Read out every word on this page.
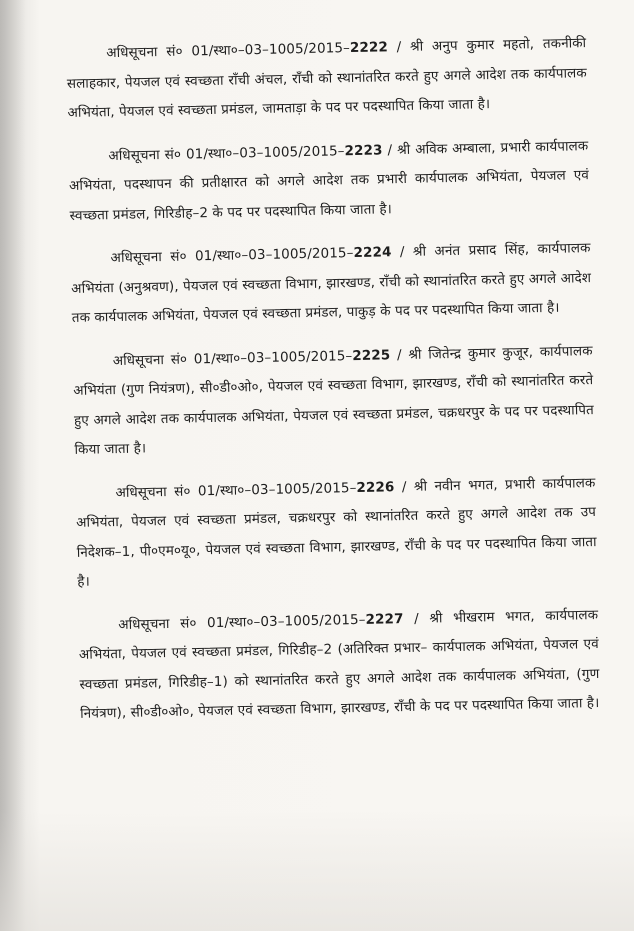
अधिसूचना सं० 01/स्था०–03–1005/2015–2222 / श्री अनुप कुमार महतो, तकनीकी सलाहकार, पेयजल एवं स्वच्छता राँची अंचल, राँची को स्थानांतरित करते हुए अगले आदेश तक कार्यपालक अभियंता, पेयजल एवं स्वच्छता प्रमंडल, जामताड़ा के पद पर पदस्थापित किया जाता है।

अधिसूचना सं० 01/स्था०–03–1005/2015–2223 / श्री अविक अम्बाला, प्रभारी कार्यपालक अभियंता, पदस्थापन की प्रतीक्षारत को अगले आदेश तक प्रभारी कार्यपालक अभियंता, पेयजल एवं स्वच्छता प्रमंडल, गिरिडीह–2 के पद पर पदस्थापित किया जाता है।

अधिसूचना सं० 01/स्था०–03–1005/2015–2224 / श्री अनंत प्रसाद सिंह, कार्यपालक अभियंता (अनुश्रवण), पेयजल एवं स्वच्छता विभाग, झारखण्ड, राँची को स्थानांतरित करते हुए अगले आदेश तक कार्यपालक अभियंता, पेयजल एवं स्वच्छता प्रमंडल, पाकुड़ के पद पर पदस्थापित किया जाता है।

अधिसूचना सं० 01/स्था०–03–1005/2015–2225 / श्री जितेन्द्र कुमार कुजूर, कार्यपालक अभियंता (गुण नियंत्रण), सी०डी०ओ०, पेयजल एवं स्वच्छता विभाग, झारखण्ड, राँची को स्थानांतरित करते हुए अगले आदेश तक कार्यपालक अभियंता, पेयजल एवं स्वच्छता प्रमंडल, चक्रधरपुर के पद पर पदस्थापित किया जाता है।

अधिसूचना सं० 01/स्था०–03–1005/2015–2226 / श्री नवीन भगत, प्रभारी कार्यपालक अभियंता, पेयजल एवं स्वच्छता प्रमंडल, चक्रधरपुर को स्थानांतरित करते हुए अगले आदेश तक उप निदेशक–1, पी०एम०यू०, पेयजल एवं स्वच्छता विभाग, झारखण्ड, राँची के पद पर पदस्थापित किया जाता है।

अधिसूचना सं० 01/स्था०–03–1005/2015–2227 / श्री भीखराम भगत, कार्यपालक अभियंता, पेयजल एवं स्वच्छता प्रमंडल, गिरिडीह–2 (अतिरिक्त प्रभार– कार्यपालक अभियंता, पेयजल एवं स्वच्छता प्रमंडल, गिरिडीह–1) को स्थानांतरित करते हुए अगले आदेश तक कार्यपालक अभियंता, (गुण नियंत्रण), सी०डी०ओ०, पेयजल एवं स्वच्छता विभाग, झारखण्ड, राँची के पद पर पदस्थापित किया जाता है।
